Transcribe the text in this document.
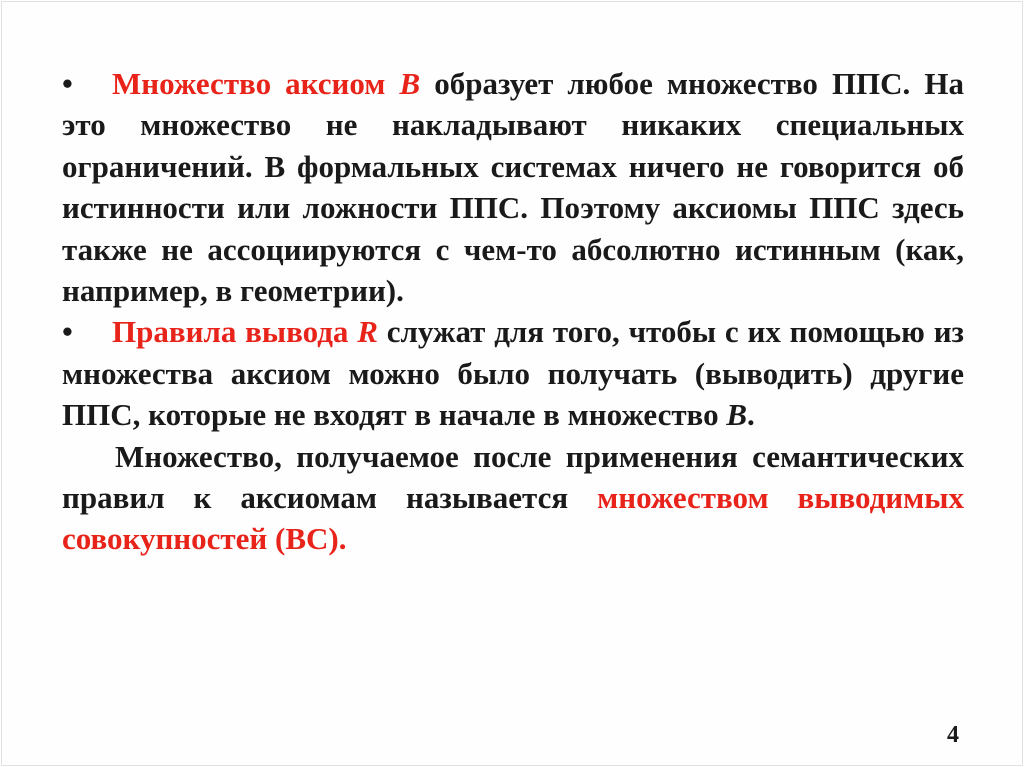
• Множество аксиом B образует любое множество ППС. На это множество не накладывают никаких специальных ограничений. В формальных системах ничего не говорится об истинности или ложности ППС. Поэтому аксиомы ППС здесь также не ассоциируются с чем-то абсолютно истинным (как, например, в геометрии).

• Правила вывода R служат для того, чтобы с их помощью из множества аксиом можно было получать (выводить) другие ППС, которые не входят в начале в множество B.

Множество, получаемое после применения семантических правил к аксиомам называется множеством выводимых совокупностей (ВС).

4
